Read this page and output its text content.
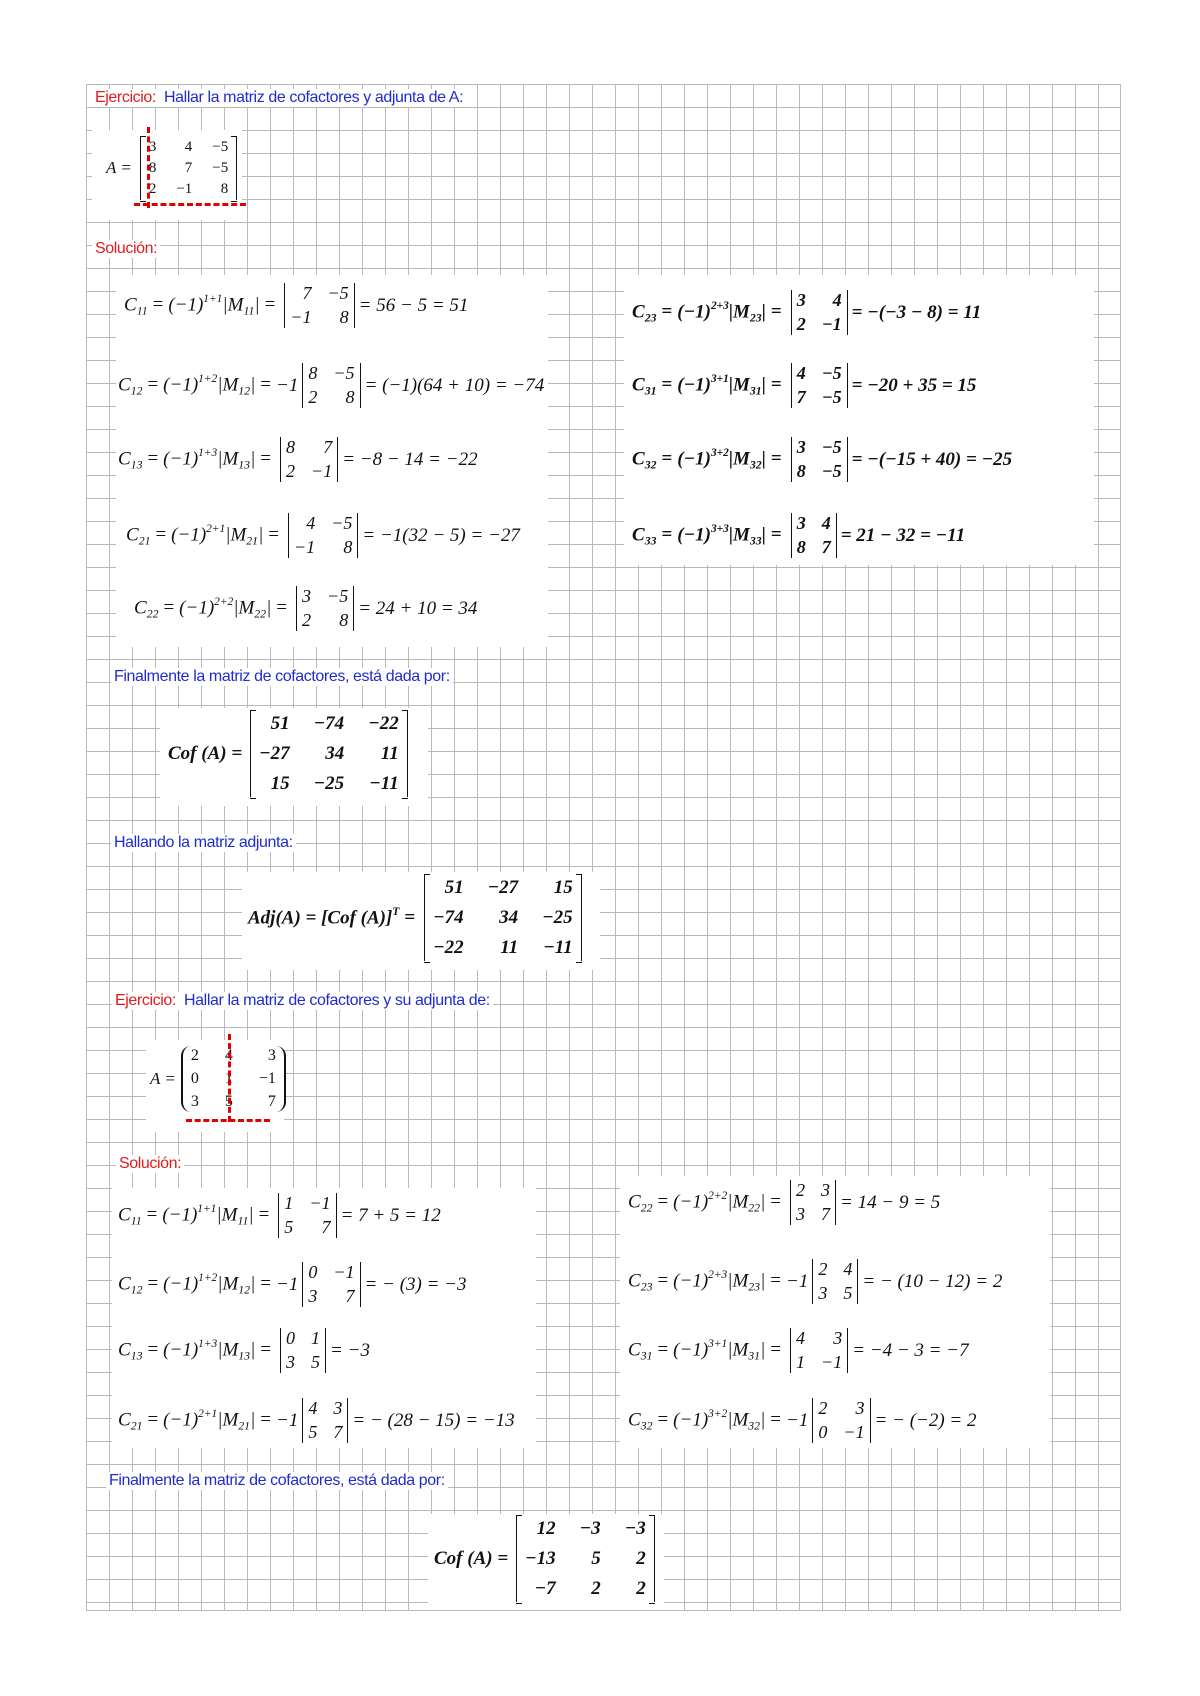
Ejercicio: Hallar la matriz de cofactores y adjunta de A:
A =
3	4 −5
8	7 −5
2 −1	8
Solución:
Finalmente la matriz de cofactores, está dada por:
Cof (A) =
51 −74 −22
−27	34	11
15 −25 −11
Hallando la matriz adjunta:
Adj(A) = [Cof (A)]$^T$ =
51 −27	15
−74	34 −25
−22	11 −11
Ejercicio: Hallar la matriz de cofactores y su adjunta de:
A =
2 4	3
0 1 −1
3 5	7
Solución:
Finalmente la matriz de cofactores, está dada por:
Cof (A) =
12 −3 −3
−13	5	2
−7	2	2
$C_{11} = (-1)^{1+1}|M_{11}|$ =
7 −5
−1	8
= 56 − 5 = 51
$C_{12} = (-1)^{1+2}|M_{12}| = -1$
8 −5
2	8
= (−1)(64 + 10) = −74
$C_{13} = (-1)^{1+3}|M_{13}|$ =
8	7
2 −1
= −8 − 14 = −22
$C_{21} = (-1)^{2+1}|M_{21}|$ =
4 −5
−1	8
= −1(32 − 5) = −27
$C_{22} = (-1)^{2+2}|M_{22}|$ =
3 −5
2	8
= 24 + 10 = 34
$C_{23} = (-1)^{2+3}|M_{23}|$ =
3	4
2 −1
= −(−3 − 8) = 11
$C_{31} = (-1)^{3+1}|M_{31}|$ =
4 −5
7 −5
= −20 + 35 = 15
$C_{32} = (-1)^{3+2}|M_{32}|$ =
3 −5
8 −5
= −(−15 + 40) = −25
$C_{33} = (-1)^{3+3}|M_{33}|$ =
3 4
8 7
= 21 − 32 = −11
$C_{11} = (-1)^{1+1}|M_{11}|$ =
1 −1
5	7
= 7 + 5 = 12
$C_{12} = (-1)^{1+2}|M_{12}| = -1$
0 −1
3	7
= − (3) = −3
$C_{13} = (-1)^{1+3}|M_{13}|$ =
0 1
3 5
= −3
$C_{21} = (-1)^{2+1}|M_{21}| = -1$
4 3
5 7
= − (28 − 15) = −13
$C_{22} = (-1)^{2+2}|M_{22}|$ =
2 3
3 7
= 14 − 9 = 5
$C_{23} = (-1)^{2+3}|M_{23}| = -1$
2 4
3 5
= − (10 − 12) = 2
$C_{31} = (-1)^{3+1}|M_{31}|$ =
4	3
1 −1
= −4 − 3 = −7
$C_{32} = (-1)^{3+2}|M_{32}| = -1$
2	3
0 −1
= − (−2) = 2
